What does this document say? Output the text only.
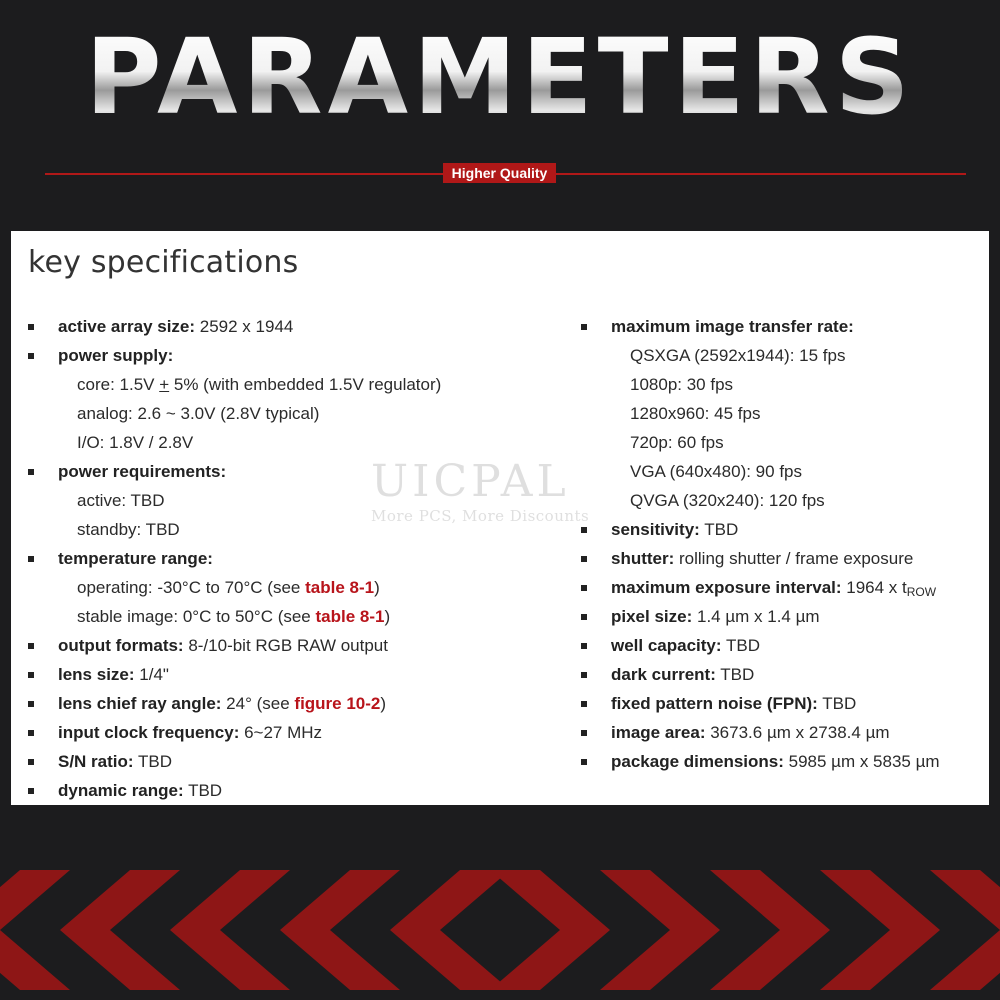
PARAMETERS
Higher Quality
key specifications
UICPAL
More PCS, More Discounts
active array size: 2592 x 1944
power supply:
core: 1.5V + 5% (with embedded 1.5V regulator)
analog: 2.6 ~ 3.0V (2.8V typical)
I/O: 1.8V / 2.8V
power requirements:
active: TBD
standby: TBD
temperature range:
operating: -30°C to 70°C (see table 8-1)
stable image: 0°C to 50°C (see table 8-1)
output formats: 8-/10-bit RGB RAW output
lens size: 1/4"
lens chief ray angle: 24° (see figure 10-2)
input clock frequency: 6~27 MHz
S/N ratio: TBD
dynamic range: TBD
maximum image transfer rate:
QSXGA (2592x1944): 15 fps
1080p: 30 fps
1280x960: 45 fps
720p: 60 fps
VGA (640x480): 90 fps
QVGA (320x240): 120 fps
sensitivity: TBD
shutter: rolling shutter / frame exposure
maximum exposure interval: 1964 x $t_{ROW}$
pixel size: 1.4 µm x 1.4 µm
well capacity: TBD
dark current: TBD
fixed pattern noise (FPN): TBD
image area: 3673.6 µm x 2738.4 µm
package dimensions: 5985 µm x 5835 µm
